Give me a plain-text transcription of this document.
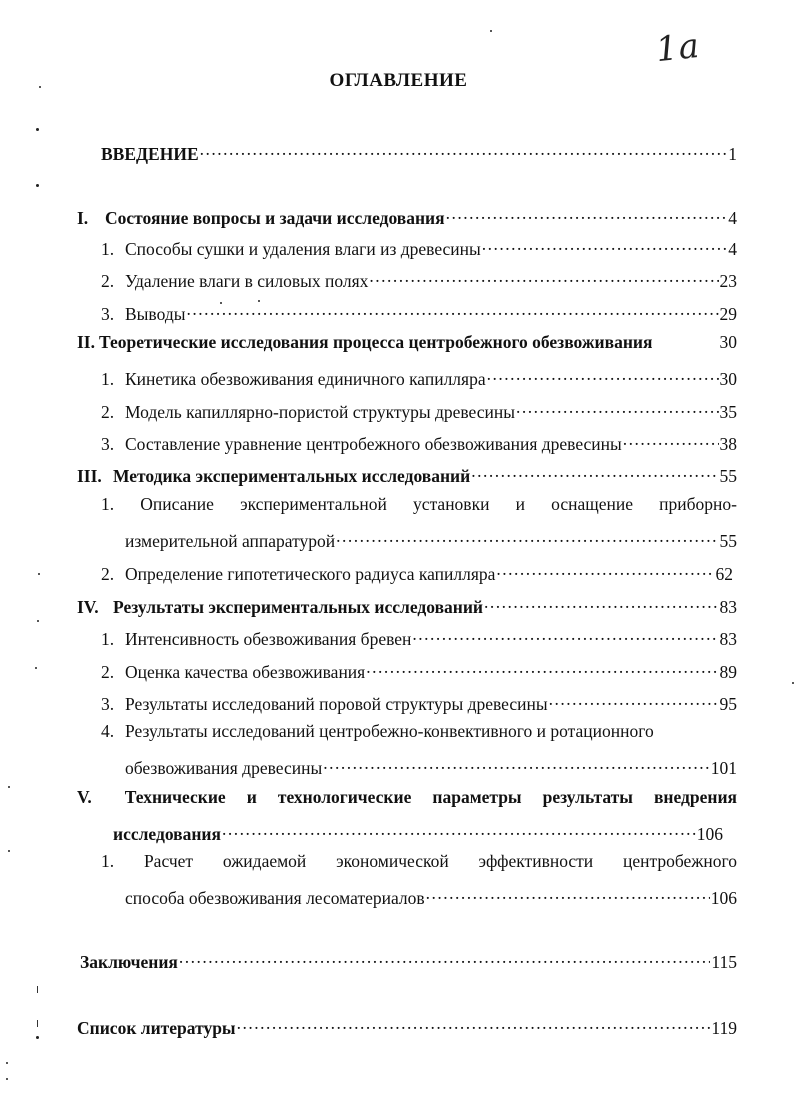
1a
ОГЛАВЛЕНИЕ
ВВЕДЕНИЕ .....	1
I. Состояние вопросы и задачи исследования .....	4
1. Способы сушки и удаления влаги из древесины .....	4
2. Удаление влаги в силовых полях .....	23
3. Выводы .....	29
II. Теоретические исследования процесса центробежного обезвоживания	30
1. Кинетика обезвоживания единичного капилляра .....	30
2. Модель капиллярно-пористой структуры древесины .....	35
3. Составление уравнение центробежного обезвоживания древесины .....	38
III. Методика экспериментальных исследований .....	55
1. Описание экспериментальной установки и оснащение приборно-
измерительной аппаратурой .....	55
2. Определение гипотетического радиуса капилляра .....	62
IV. Результаты экспериментальных исследований .....	83
1. Интенсивность обезвоживания бревен .....	83
2. Оценка качества обезвоживания .....	89
3. Результаты исследований поровой структуры древесины .....	95
4. Результаты исследований центробежно-конвективного и ротационного
обезвоживания древесины .....	101
V. Технические и технологические параметры результаты внедрения
исследования .....	106
1. Расчет ожидаемой экономической эффективности центробежного
способа обезвоживания лесоматериалов .....	106
Заключения .....	115
Список литературы .....	119
